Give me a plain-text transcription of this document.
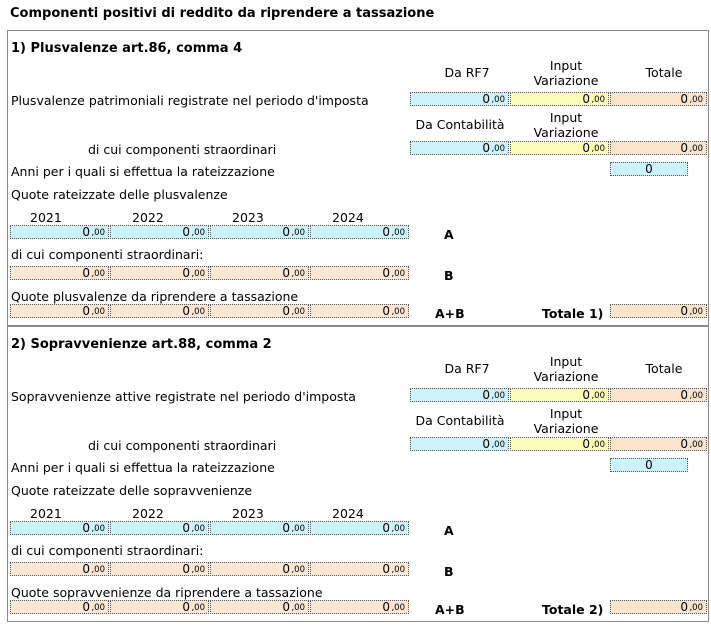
Componenti positivi di reddito da riprendere a tassazione
1) Plusvalenze art.86, comma 4
Da RF7	Input
Variazione
Totale
Plusvalenze patrimoniali registrate nel periodo d'imposta	0 ,00	0 ,00	0 ,00
Da Contabilità	Input
Variazione
di cui componenti straordinari	0 ,00	0 ,00	0 ,00
Anni per i quali si effettua la rateizzazione	0
Quote rateizzate delle plusvalenze
2021	2022	2023	2024
0 ,00	0 ,00	0 ,00	0 ,00	A
di cui componenti straordinari:
0 ,00	0 ,00	0 ,00	0 ,00	B
Quote plusvalenze da riprendere a tassazione
0 ,00	0 ,00	0 ,00	0 ,00 A+B	Totale 1)	0 ,00
2) Sopravvenienze art.88, comma 2
Da RF7	Input
Variazione
Totale
Sopravvenienze attive registrate nel periodo d'imposta	0 ,00	0 ,00	0 ,00
Da Contabilità	Input
Variazione
di cui componenti straordinari	0 ,00	0 ,00	0 ,00
Anni per i quali si effettua la rateizzazione	0
Quote rateizzate delle sopravvenienze
2021	2022	2023	2024
0 ,00	0 ,00	0 ,00	0 ,00	A
di cui componenti straordinari:
0 ,00	0 ,00	0 ,00	0 ,00	B
Quote sopravvenienze da riprendere a tassazione
0 ,00	0 ,00	0 ,00	0 ,00 A+B	Totale 2)	0 ,00
